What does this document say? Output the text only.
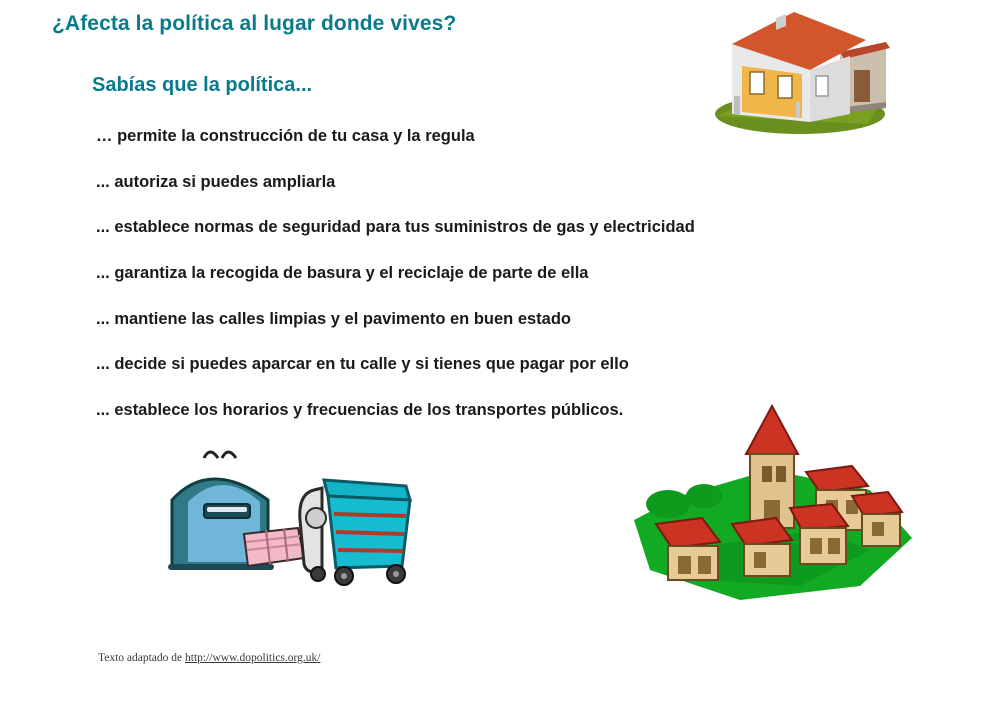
¿Afecta la política al lugar donde vives?
Sabías que la política...
… permite la construcción de tu casa y la regula
... autoriza si puedes ampliarla
... establece normas de seguridad para tus suministros de gas y electricidad
... garantiza la recogida de basura y el reciclaje de parte de ella
... mantiene las calles limpias y el pavimento en buen estado
... decide si puedes aparcar en tu calle y si tienes que pagar por ello
... establece los horarios y frecuencias de los transportes públicos.
Texto adaptado de http://www.dopolitics.org.uk/
